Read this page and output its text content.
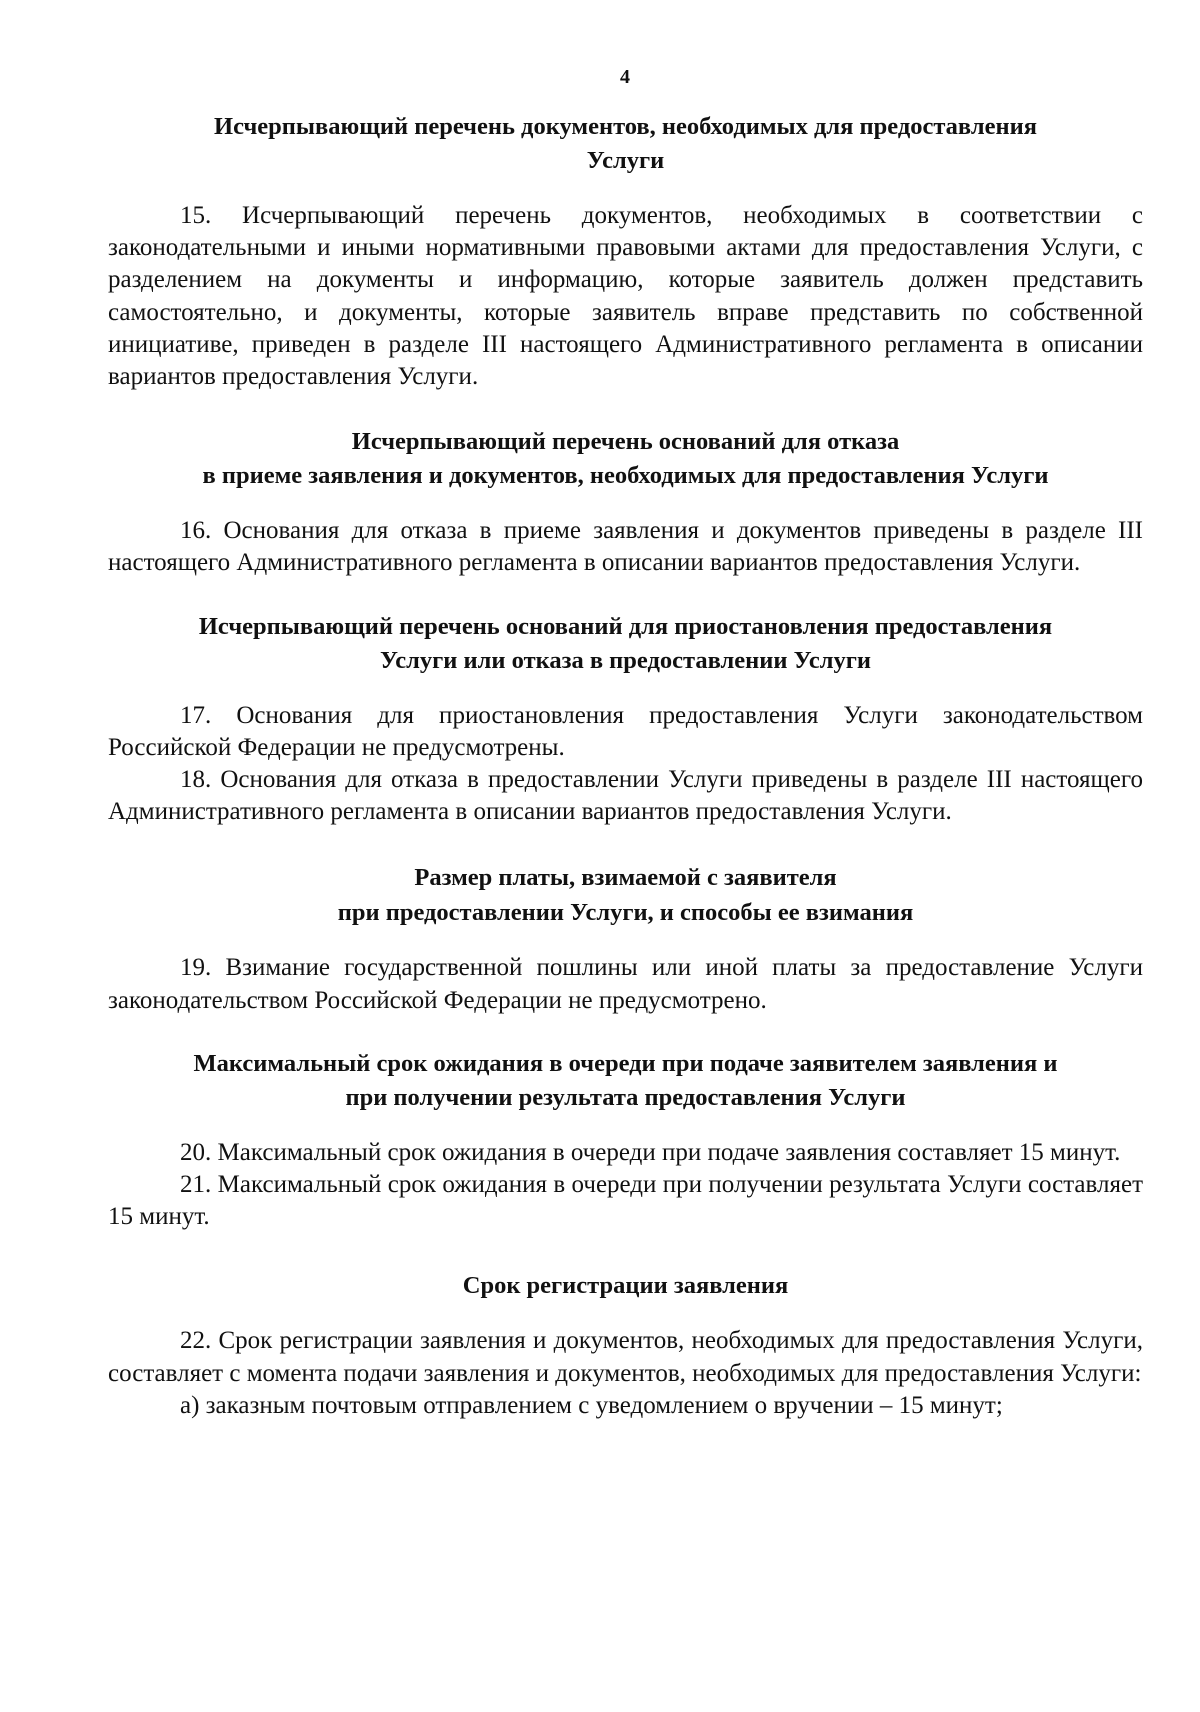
4
Исчерпывающий перечень документов, необходимых для предоставления
Услуги

15. Исчерпывающий перечень документов, необходимых в соответствии с законодательными и иными нормативными правовыми актами для предоставления Услуги, с разделением на документы и информацию, которые заявитель должен представить самостоятельно, и документы, которые заявитель вправе представить по собственной инициативе, приведен в разделе III настоящего Административного регламента в описании вариантов предоставления Услуги.

Исчерпывающий перечень оснований для отказа
в приеме заявления и документов, необходимых для предоставления Услуги

16. Основания для отказа в приеме заявления и документов приведены в разделе III настоящего Административного регламента в описании вариантов предоставления Услуги.

Исчерпывающий перечень оснований для приостановления предоставления
Услуги или отказа в предоставлении Услуги

17. Основания для приостановления предоставления Услуги законодательством Российской Федерации не предусмотрены.

18. Основания для отказа в предоставлении Услуги приведены в разделе III настоящего Административного регламента в описании вариантов предоставления Услуги.

Размер платы, взимаемой с заявителя
при предоставлении Услуги, и способы ее взимания

19. Взимание государственной пошлины или иной платы за предоставление Услуги законодательством Российской Федерации не предусмотрено.

Максимальный срок ожидания в очереди при подаче заявителем заявления и
при получении результата предоставления Услуги

20. Максимальный срок ожидания в очереди при подаче заявления составляет 15 минут.

21. Максимальный срок ожидания в очереди при получении результата Услуги составляет 15 минут.

Срок регистрации заявления

22. Срок регистрации заявления и документов, необходимых для предоставления Услуги, составляет с момента подачи заявления и документов, необходимых для предоставления Услуги:

а) заказным почтовым отправлением с уведомлением о вручении – 15 минут;
